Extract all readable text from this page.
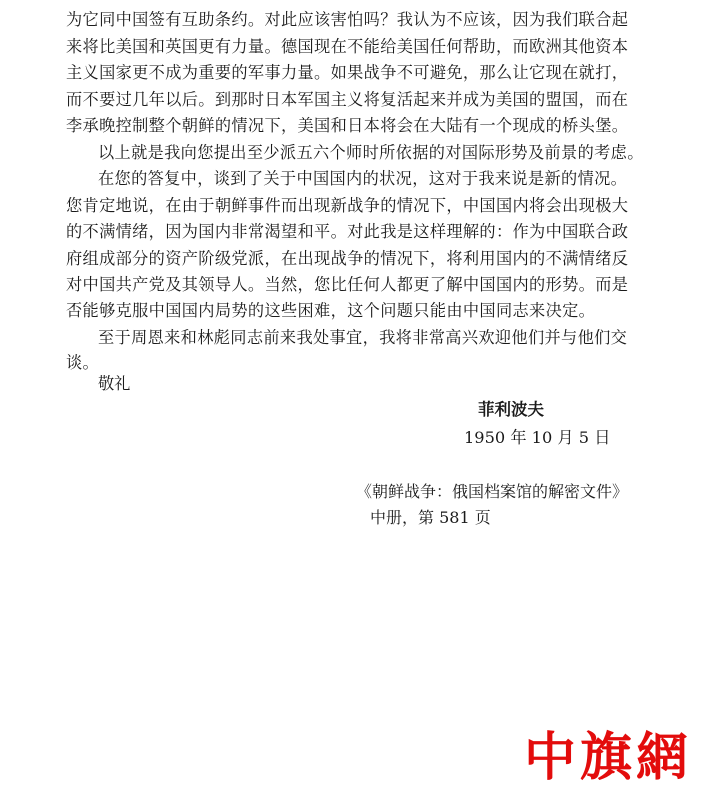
为它同中国签有互助条约。对此应该害怕吗？我认为不应该，因为我们联合起
来将比美国和英国更有力量。德国现在不能给美国任何帮助，而欧洲其他资本
主义国家更不成为重要的军事力量。如果战争不可避免，那么让它现在就打，
而不要过几年以后。到那时日本军国主义将复活起来并成为美国的盟国，而在
李承晚控制整个朝鲜的情况下，美国和日本将会在大陆有一个现成的桥头堡。
以上就是我向您提出至少派五六个师时所依据的对国际形势及前景的考虑。
在您的答复中，谈到了关于中国国内的状况，这对于我来说是新的情况。
您肯定地说，在由于朝鲜事件而出现新战争的情况下，中国国内将会出现极大
的不满情绪，因为国内非常渴望和平。对此我是这样理解的：作为中国联合政
府组成部分的资产阶级党派，在出现战争的情况下，将利用国内的不满情绪反
对中国共产党及其领导人。当然，您比任何人都更了解中国国内的形势。而是
否能够克服中国国内局势的这些困难，这个问题只能由中国同志来决定。
至于周恩来和林彪同志前来我处事宜，我将非常高兴欢迎他们并与他们交
谈。
敬礼
菲利波夫
1950 年 10 月 5 日
《朝鲜战争：俄国档案馆的解密文件》
中册，第 581 页
中旗網
